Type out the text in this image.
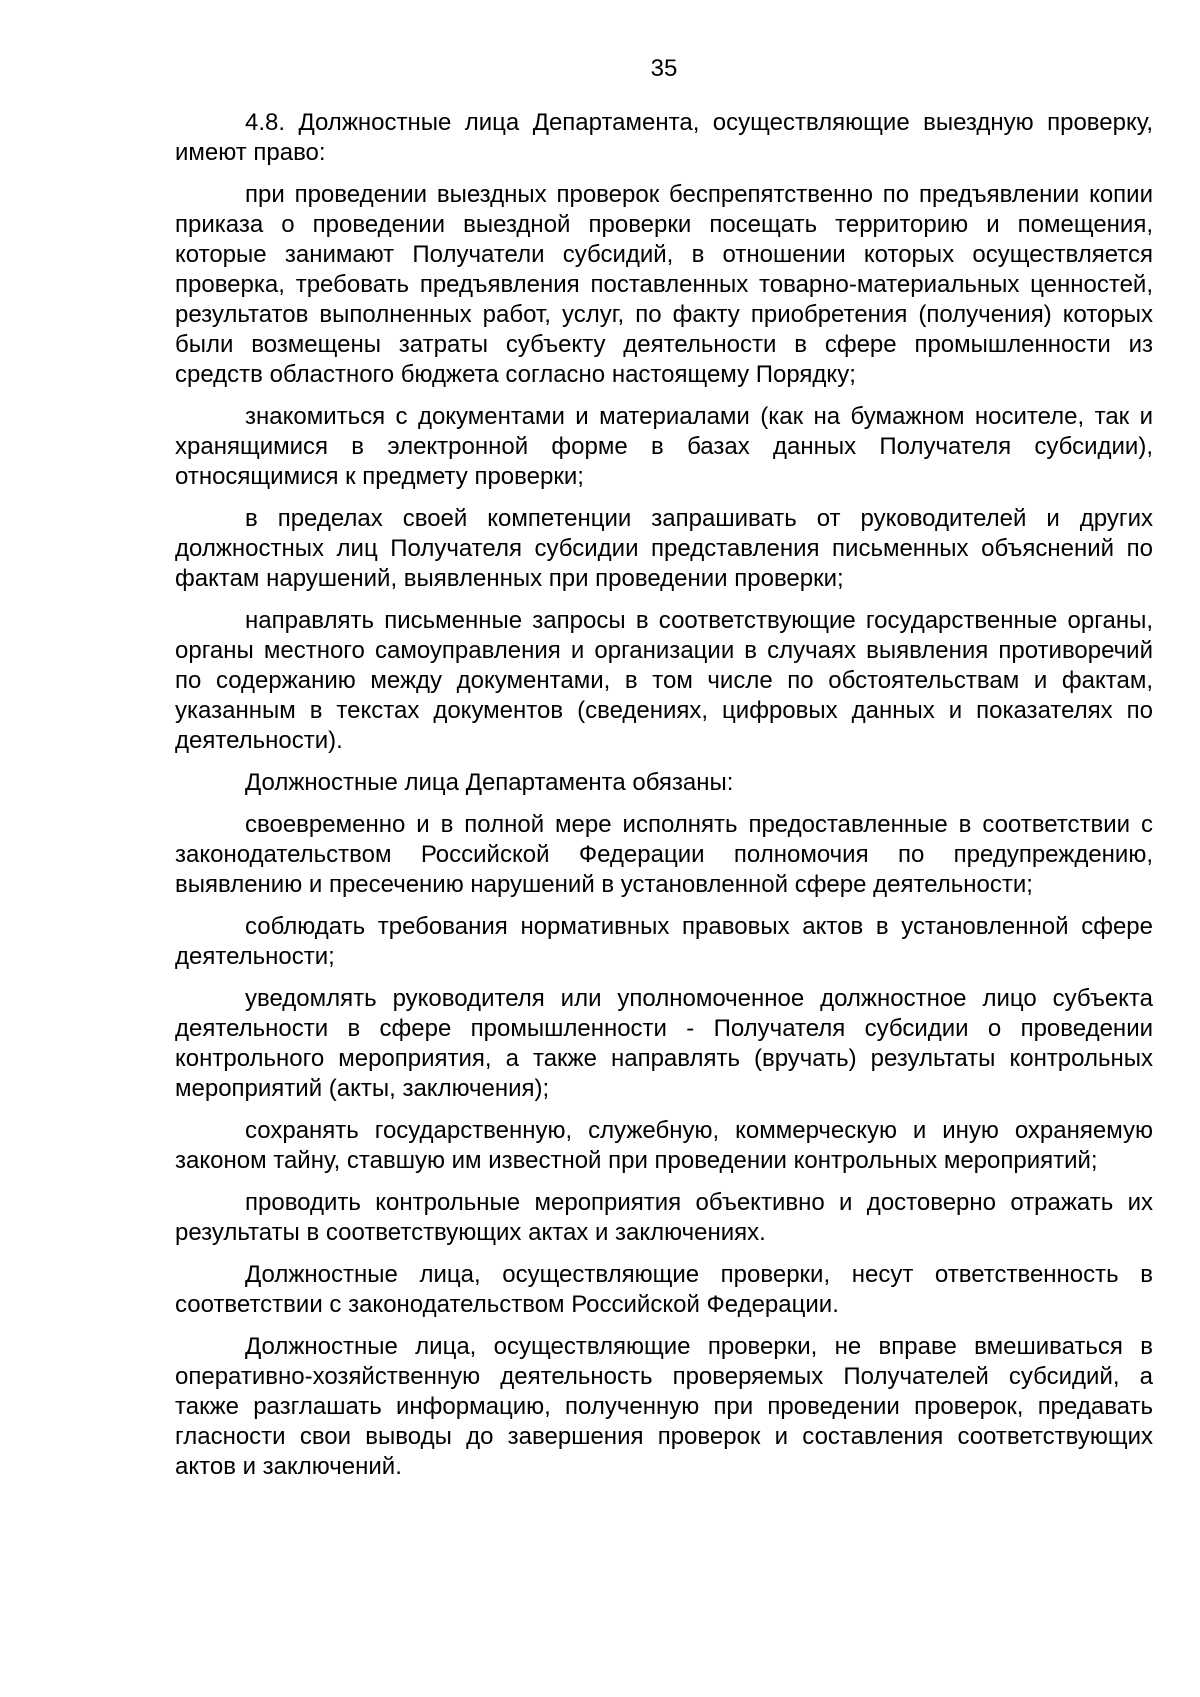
35

4.8. Должностные лица Департамента, осуществляющие выездную проверку, имеют право:

при проведении выездных проверок беспрепятственно по предъявлении копии приказа о проведении выездной проверки посещать территорию и помещения, которые занимают Получатели субсидий, в отношении которых осуществляется проверка, требовать предъявления поставленных товарно-материальных ценностей, результатов выполненных работ, услуг, по факту приобретения (получения) которых были возмещены затраты субъекту деятельности в сфере промышленности из средств областного бюджета согласно настоящему Порядку;

знакомиться с документами и материалами (как на бумажном носителе, так и хранящимися в электронной форме в базах данных Получателя субсидии), относящимися к предмету проверки;

в пределах своей компетенции запрашивать от руководителей и других должностных лиц Получателя субсидии представления письменных объяснений по фактам нарушений, выявленных при проведении проверки;

направлять письменные запросы в соответствующие государственные органы, органы местного самоуправления и организации в случаях выявления противоречий по содержанию между документами, в том числе по обстоятельствам и фактам, указанным в текстах документов (сведениях, цифровых данных и показателях по деятельности).

Должностные лица Департамента обязаны:

своевременно и в полной мере исполнять предоставленные в соответствии с законодательством Российской Федерации полномочия по предупреждению, выявлению и пресечению нарушений в установленной сфере деятельности;

соблюдать требования нормативных правовых актов в установленной сфере деятельности;

уведомлять руководителя или уполномоченное должностное лицо субъекта деятельности в сфере промышленности - Получателя субсидии о проведении контрольного мероприятия, а также направлять (вручать) результаты контрольных мероприятий (акты, заключения);

сохранять государственную, служебную, коммерческую и иную охраняемую законом тайну, ставшую им известной при проведении контрольных мероприятий;

проводить контрольные мероприятия объективно и достоверно отражать их результаты в соответствующих актах и заключениях.

Должностные лица, осуществляющие проверки, несут ответственность в соответствии с законодательством Российской Федерации.

Должностные лица, осуществляющие проверки, не вправе вмешиваться в оперативно-хозяйственную деятельность проверяемых Получателей субсидий, а также разглашать информацию, полученную при проведении проверок, предавать гласности свои выводы до завершения проверок и составления соответствующих актов и заключений.
